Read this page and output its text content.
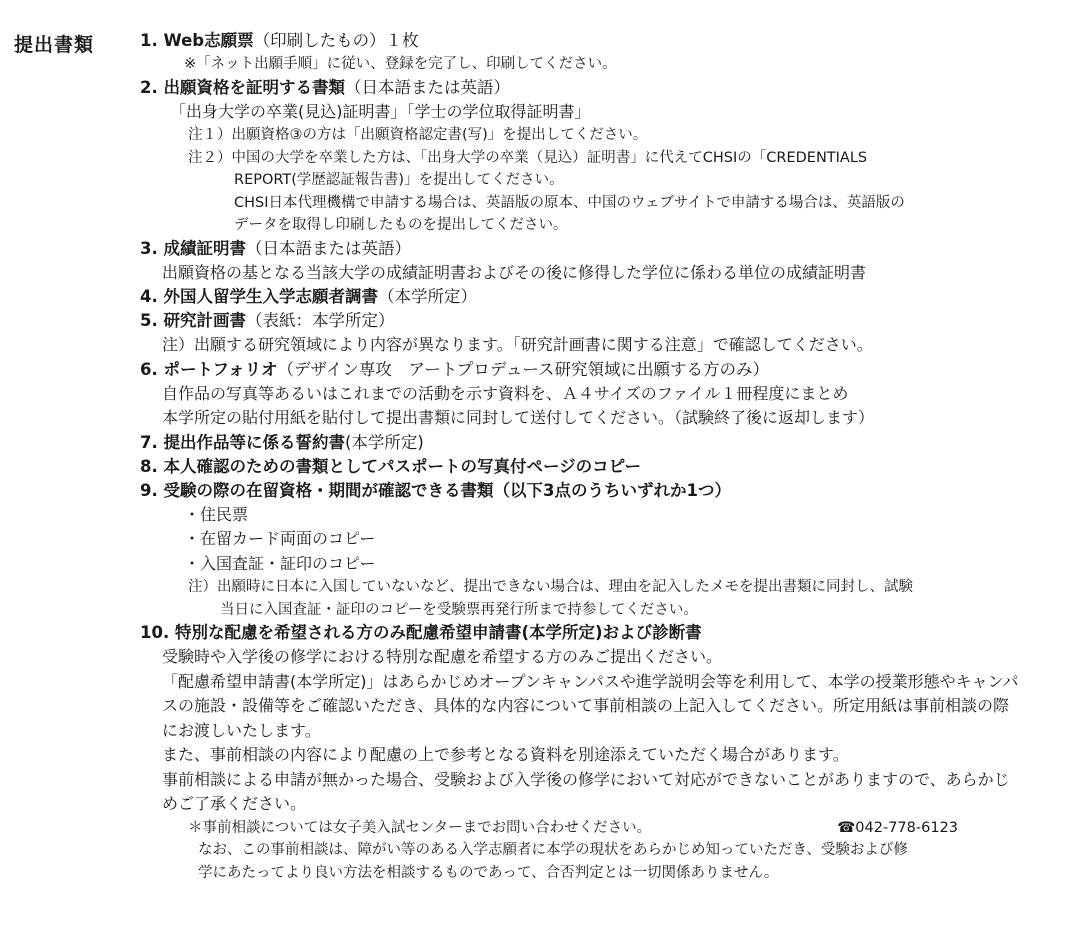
提出書類	1. Web志願票（印刷したもの）１枚
※「ネット出願手順」に従い、登録を完了し、印刷してください。
2. 出願資格を証明する書類（日本語または英語）
「出身大学の卒業(見込)証明書」「学士の学位取得証明書」
注１）出願資格③の方は「出願資格認定書(写)」を提出してください。
注２）中国の大学を卒業した方は、「出身大学の卒業（見込）証明書」に代えてCHSIの「CREDENTIALS
REPORT(学歴認証報告書)」を提出してください。
CHSI日本代理機構で申請する場合は、英語版の原本、中国のウェブサイトで申請する場合は、英語版の
データを取得し印刷したものを提出してください。
3. 成績証明書（日本語または英語）
出願資格の基となる当該大学の成績証明書およびその後に修得した学位に係わる単位の成績証明書
4. 外国人留学生入学志願者調書（本学所定）
5. 研究計画書（表紙：本学所定）
注）出願する研究領域により内容が異なります。「研究計画書に関する注意」で確認してください。
6. ポートフォリオ（デザイン専攻　アートプロデュース研究領域に出願する方のみ）
自作品の写真等あるいはこれまでの活動を示す資料を、Ａ４サイズのファイル１冊程度にまとめ
本学所定の貼付用紙を貼付して提出書類に同封して送付してください。（試験終了後に返却します）
7. 提出作品等に係る誓約書(本学所定)
8. 本人確認のための書類としてパスポートの写真付ページのコピー
9. 受験の際の在留資格・期間が確認できる書類（以下3点のうちいずれか1つ）
・住民票
・在留カード両面のコピー
・入国査証・証印のコピー
注）出願時に日本に入国していないなど、提出できない場合は、理由を記入したメモを提出書類に同封し、試験
当日に入国査証・証印のコピーを受験票再発行所まで持参してください。
10. 特別な配慮を希望される方のみ配慮希望申請書(本学所定)および診断書
受験時や入学後の修学における特別な配慮を希望する方のみご提出ください。
「配慮希望申請書(本学所定)」はあらかじめオープンキャンパスや進学説明会等を利用して、本学の授業形態やキャンパスの施設・設備等をご確認いただき、具体的な内容について事前相談の上記入してください。所定用紙は事前相談の際にお渡しいたします。
また、事前相談の内容により配慮の上で参考となる資料を別途添えていただく場合があります。
事前相談による申請が無かった場合、受験および入学後の修学において対応ができないことがありますので、あらかじめご了承ください。
＊事前相談については女子美入試センターまでお問い合わせください。	☎042-778-6123
なお、この事前相談は、障がい等のある入学志願者に本学の現状をあらかじめ知っていただき、受験および修
学にあたってより良い方法を相談するものであって、合否判定とは一切関係ありません。
